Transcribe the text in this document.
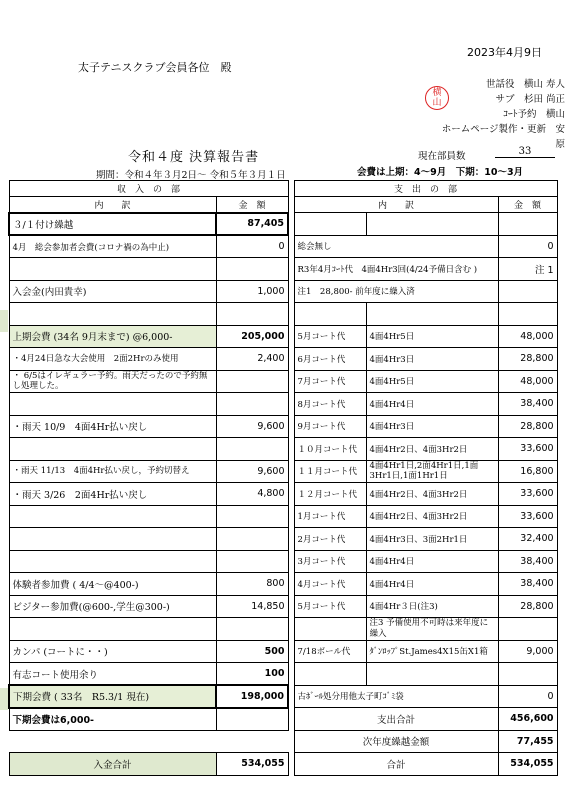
2023年4月9日
太子テニスクラブ会員各位　殿
世話役　横山 寿人
サブ　杉田 尚正
ｺｰﾄ予約　横山
ホームページ製作・更新　安原
横山
令和４度 決算報告書	現在部員数	33
期間：令和４年３月2日～ 令和５年３月１日	会費は上期：4～9月　下期：10～3月
収　入　の　部			支　出　の　部		
内　　訳	金　額		内　　訳		金　額
３/１付け繰越	87,405				
4月　総会参加者会費(コロナ禍の為中止)	0		総会無し		0
			R3年4月ｺｰﾄ代　4面4Hr3回(4/24予備日含む )		注 1
入会金(内田貴幸)	1,000		注1　28,800- 前年度に繰入済		

上期会費 (34名 9月末まで) @6,000-	205,000		5月コート代	4面4Hr5日	48,000
・4月24日急な大会使用　2面2Hrのみ使用	2,400		6月コート代	4面4Hr3日	28,800
・ 6/5はイレギュラー予約。雨天だったので予約無し処理した。			7月コート代	4面4Hr5日	48,000
			8月コート代	4面4Hr4日	38,400
・雨天 10/9　4面4Hr払い戻し	9,600		9月コート代	4面4Hr3日	28,800
			１０月コート代	4面4Hr2日、4面3Hr2日	33,600
・雨天 11/13　4面4Hr払い戻し，予約切替え	9,600		１１月コート代	4面4Hr1日,2面4Hr1日,1面3Hr1日,1面1Hr1日	16,800
・雨天 3/26　2面4Hr払い戻し	4,800		１２月コート代	4面4Hr2日、4面3Hr2日	33,600
			1月コート代	4面4Hr2日、4面3Hr2日	33,600
			2月コート代	4面4Hr3日、3面2Hr1日	32,400
			3月コート代	4面4Hr4日	38,400
体験者参加費 ( 4/4～@400-)	800		4月コート代	4面4Hr4日	38,400
ビジター参加費(@600-,学生@300-)	14,850		5月コート代	4面4Hr３日(注3)	28,800
				注3 予備使用不可時は来年度に繰入	
カンパ (コートに・・)	500		7/18ボール代	ﾀﾞﾝﾛｯﾌﾟSt.James4X15缶X1箱	9,000
有志コート使用余り	100				
下期会費 ( 33名　R5.3/1 現在)	198,000		古ﾎﾞｰﾙ処分用他太子町ｺﾞﾐ袋		0
下期会費は6,000-			支出合計		456,600
			次年度繰越金額		77,455
入金合計	534,055		合計		534,055
